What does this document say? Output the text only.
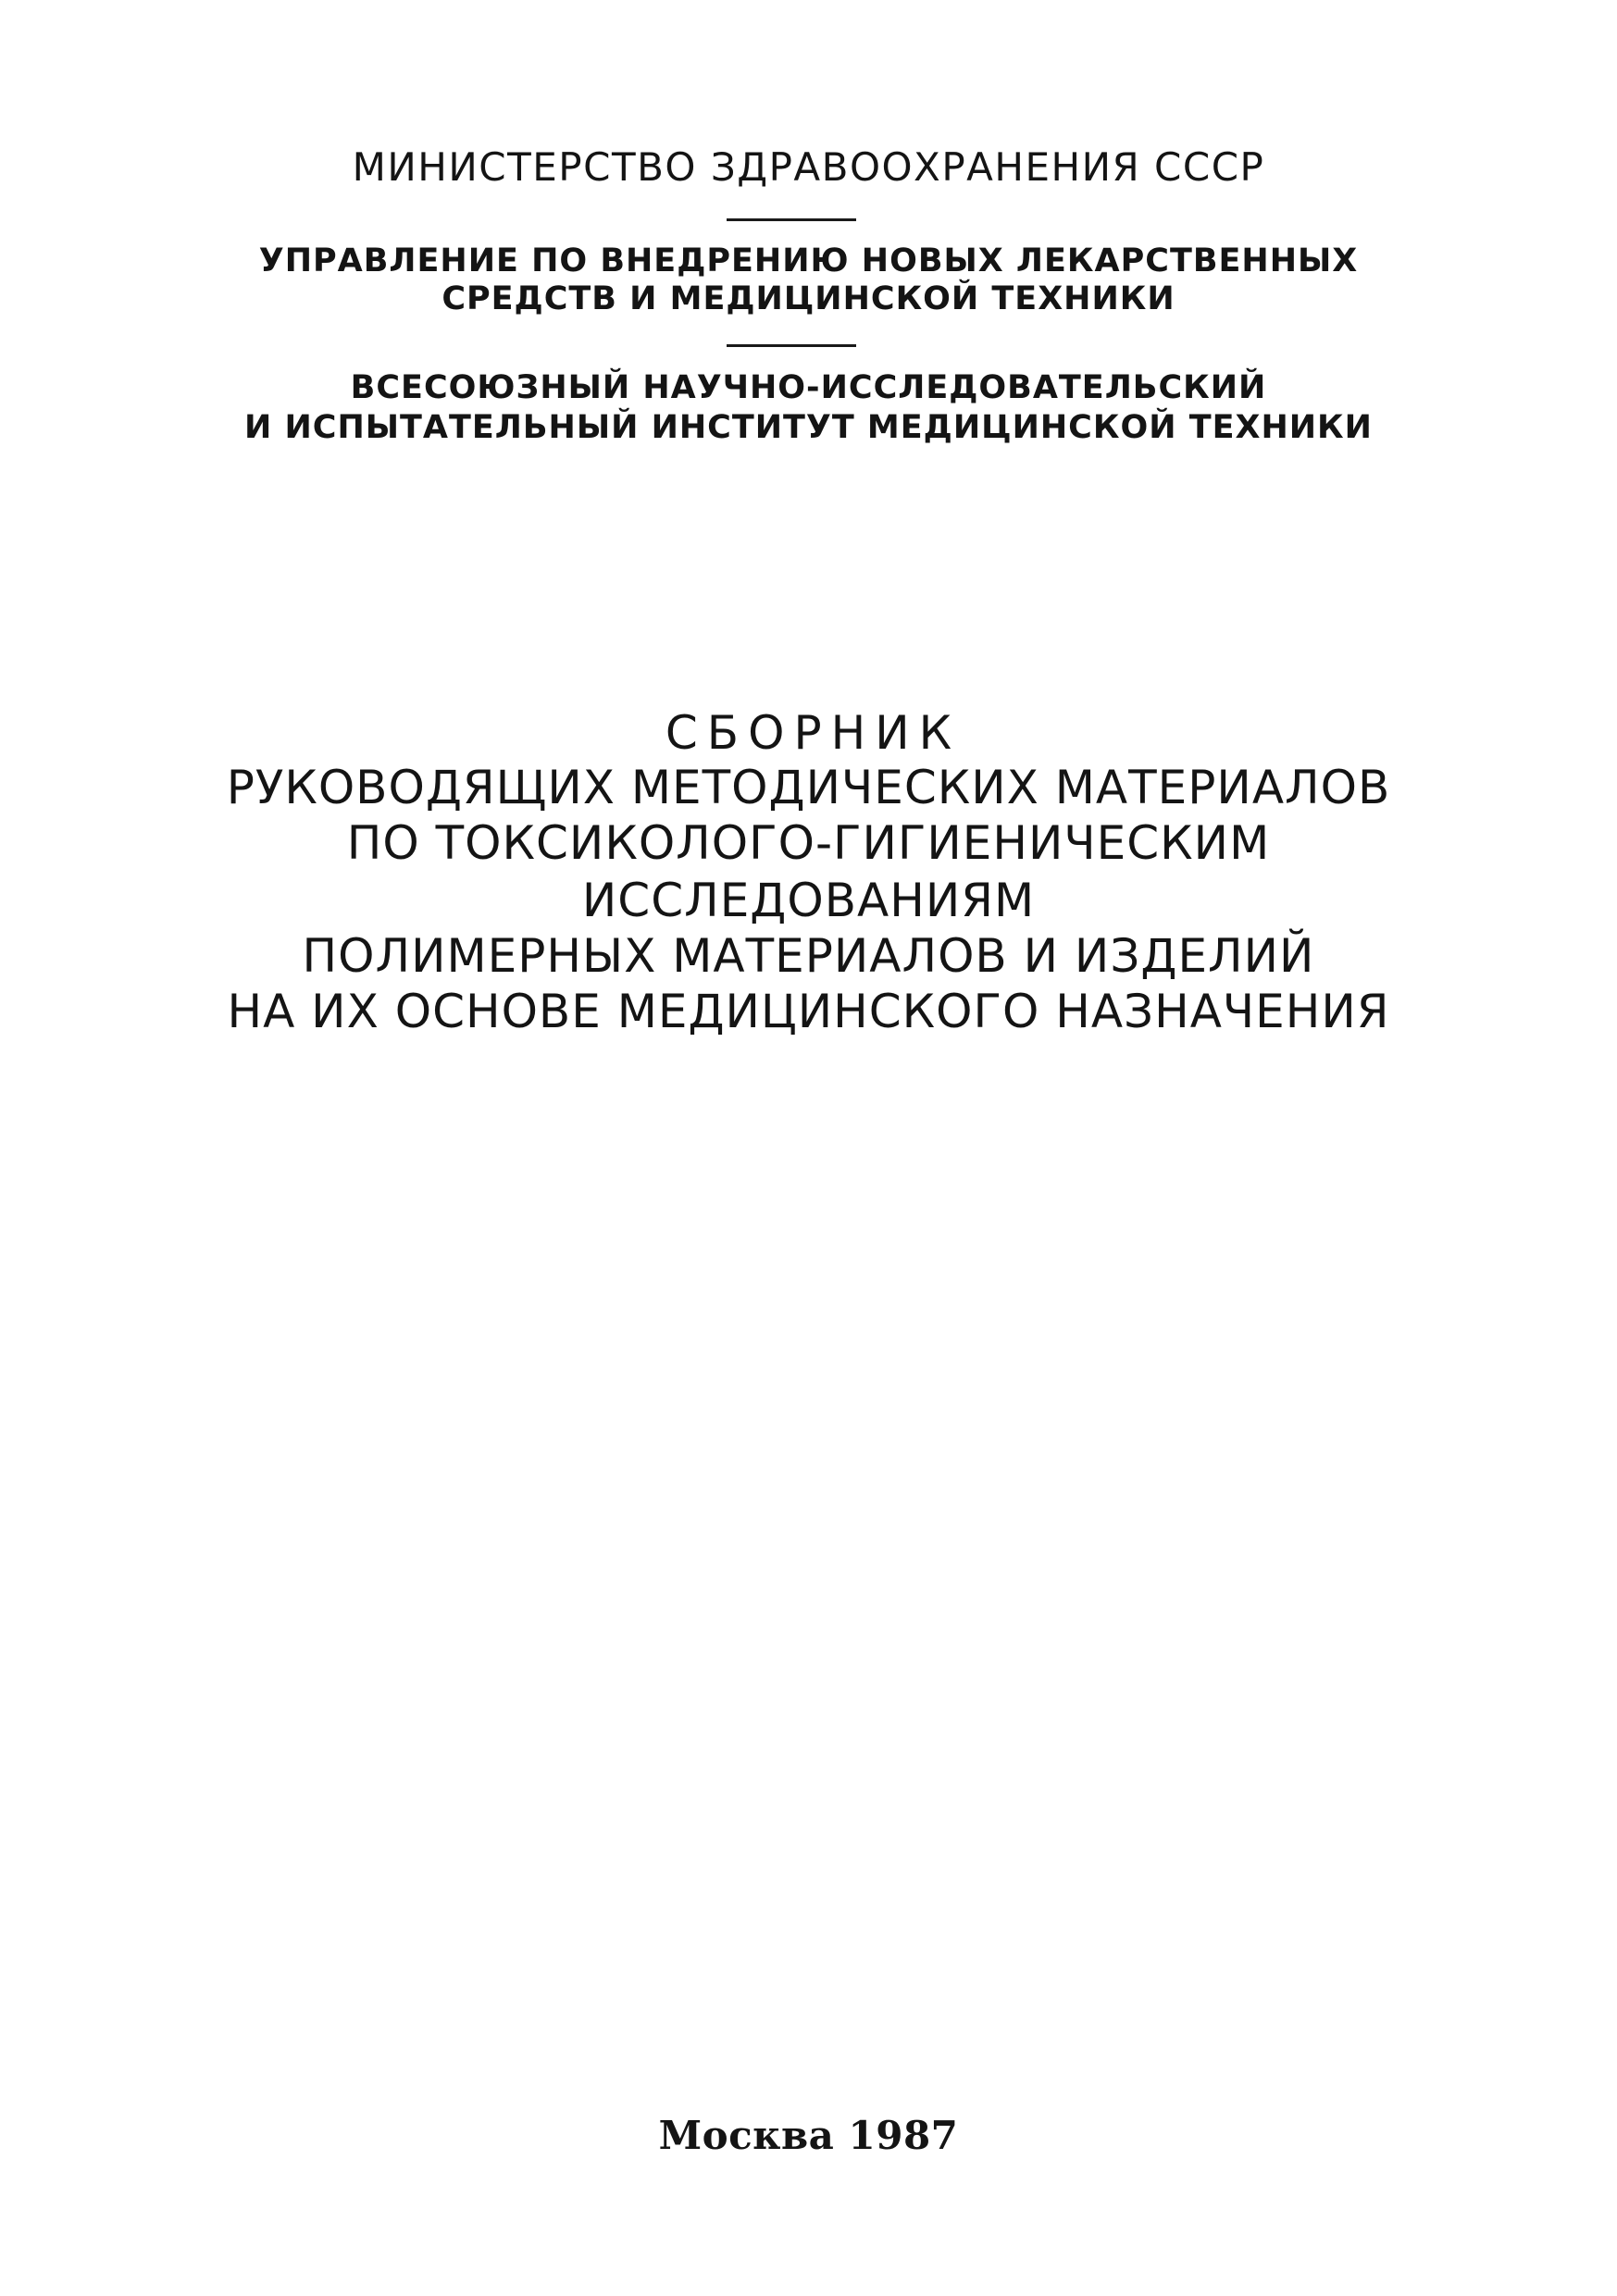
МИНИСТЕРСТВО ЗДРАВООХРАНЕНИЯ СССР
УПРАВЛЕНИЕ ПО ВНЕДРЕНИЮ НОВЫХ ЛЕКАРСТВЕННЫХ
СРЕДСТВ И МЕДИЦИНСКОЙ ТЕХНИКИ
ВСЕСОЮЗНЫЙ НАУЧНО-ИССЛЕДОВАТЕЛЬСКИЙ
И ИСПЫТАТЕЛЬНЫЙ ИНСТИТУТ МЕДИЦИНСКОЙ ТЕХНИКИ
СБОРНИК
РУКОВОДЯЩИХ МЕТОДИЧЕСКИХ МАТЕРИАЛОВ
ПО ТОКСИКОЛОГО-ГИГИЕНИЧЕСКИМ
ИССЛЕДОВАНИЯМ
ПОЛИМЕРНЫХ МАТЕРИАЛОВ И ИЗДЕЛИЙ
НА ИХ ОСНОВЕ МЕДИЦИНСКОГО НАЗНАЧЕНИЯ
Москва 1987
